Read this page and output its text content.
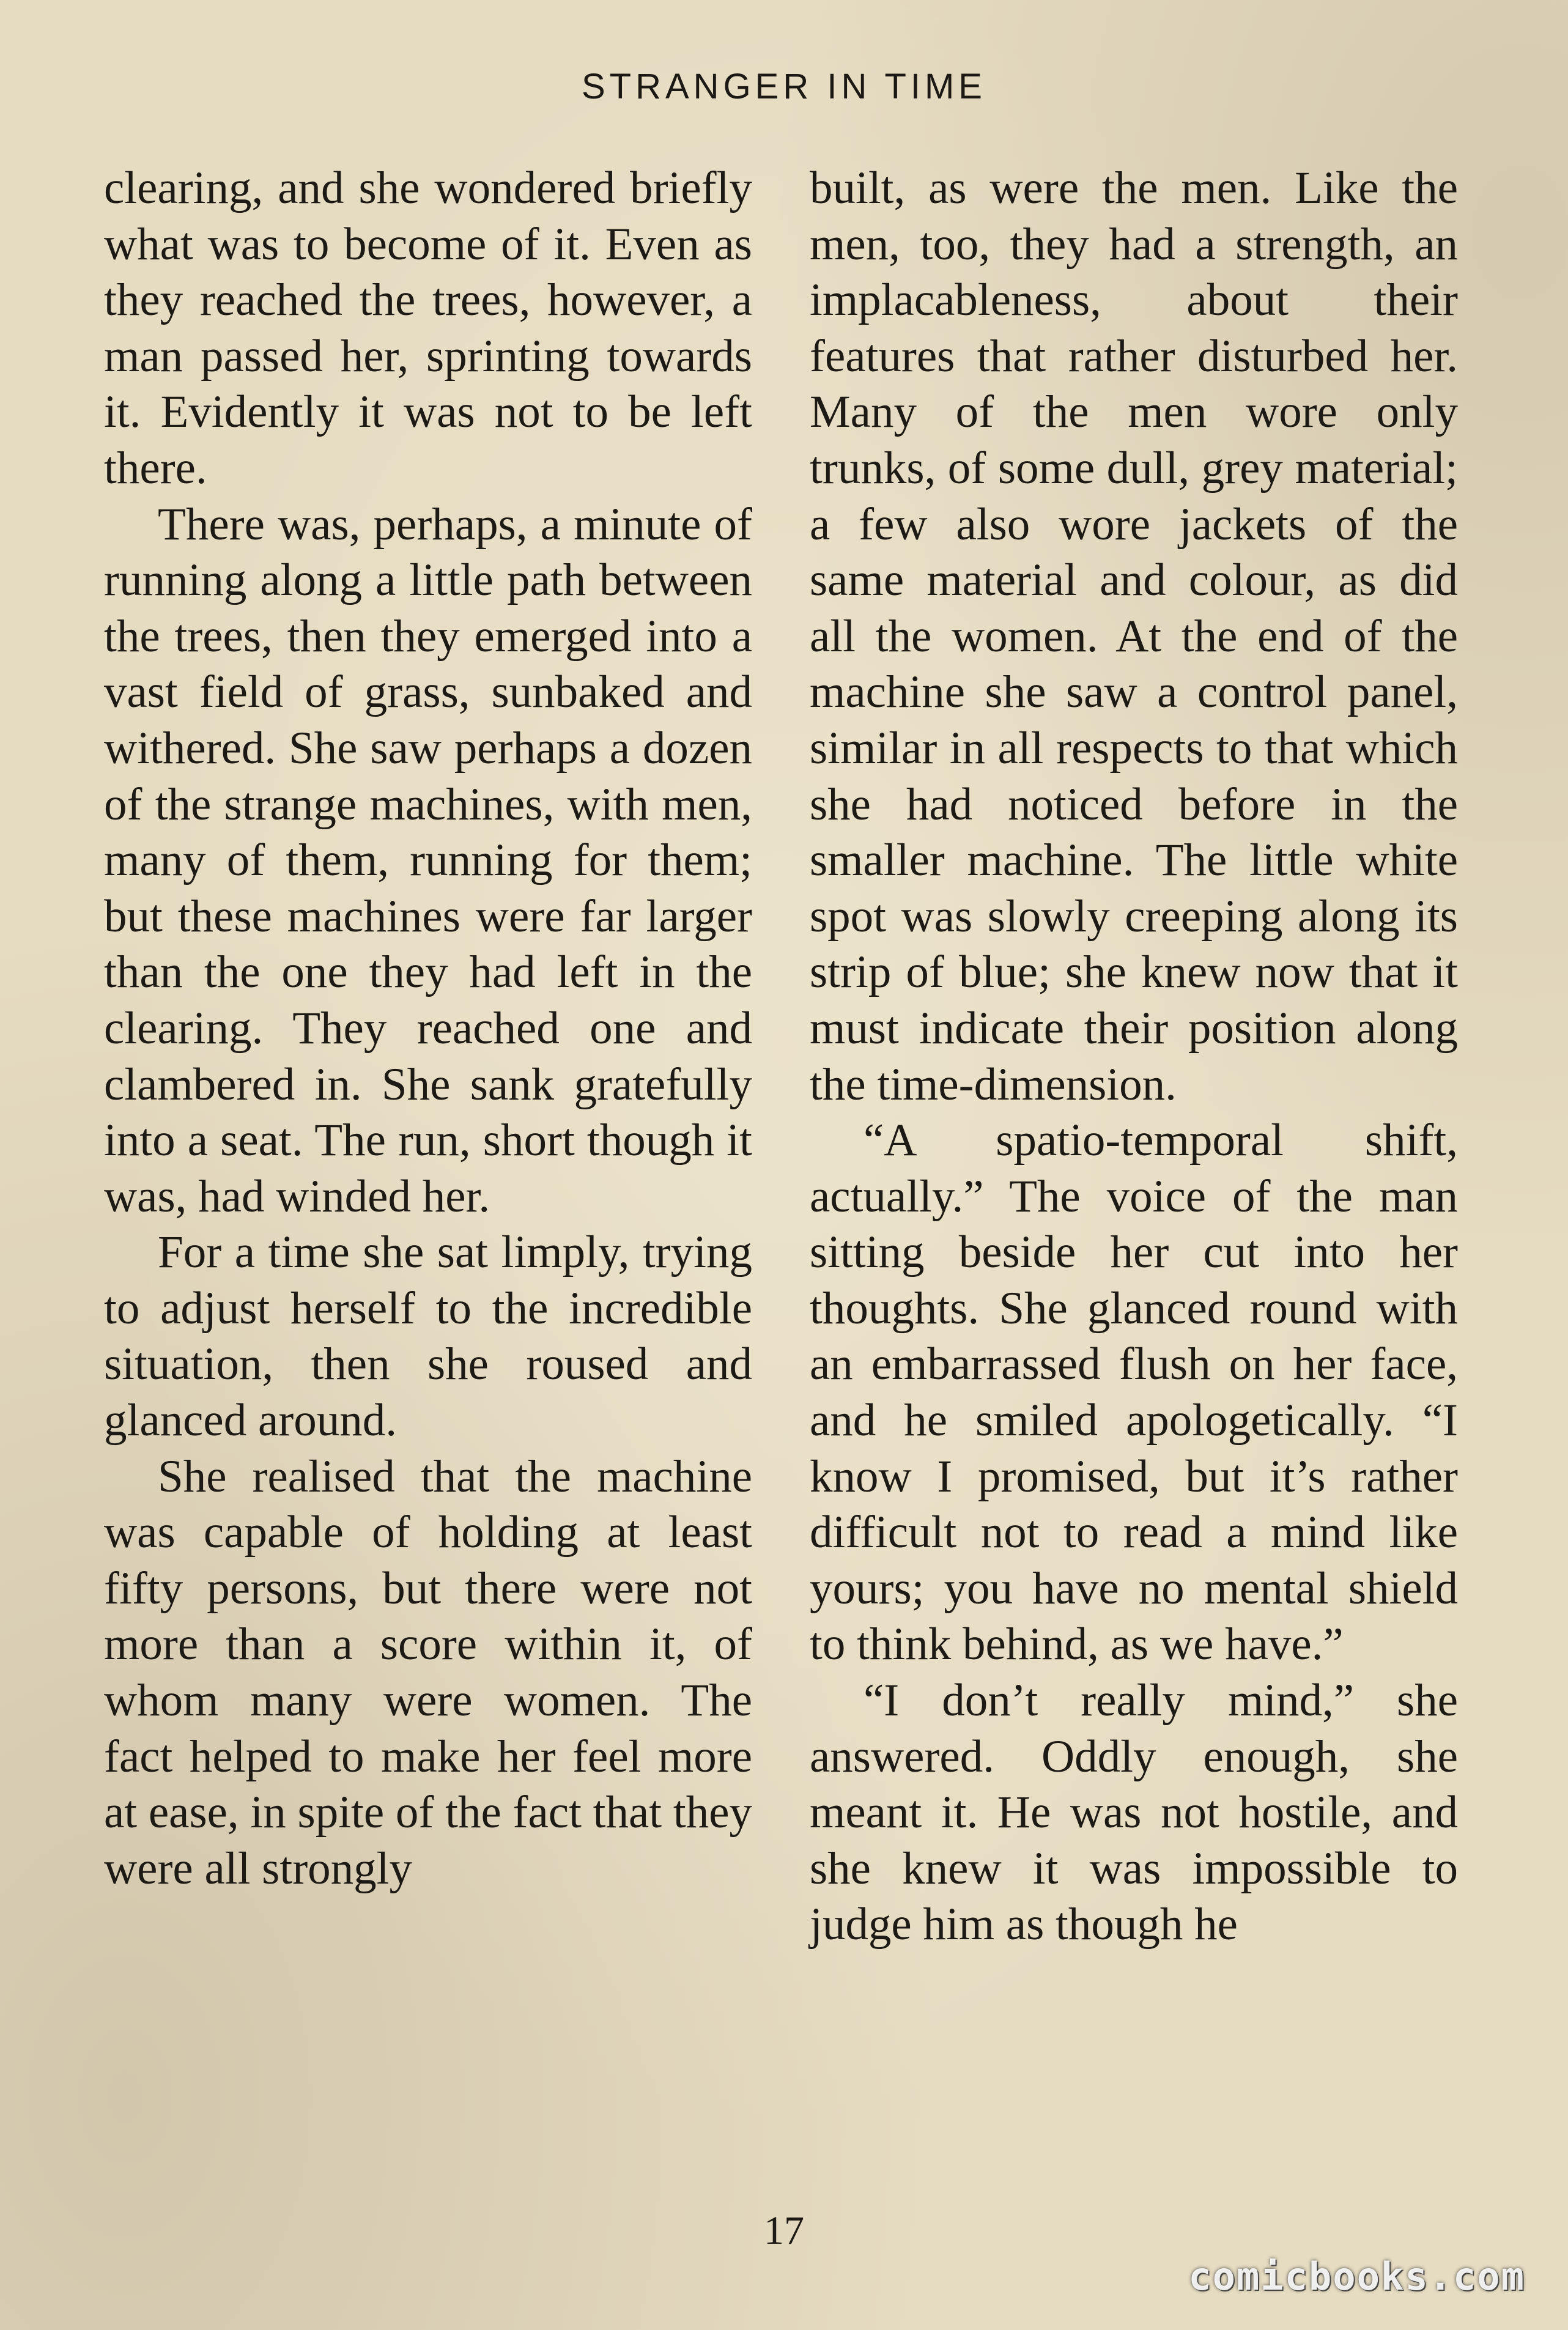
STRANGER IN TIME

clearing, and she wondered briefly what was to become of it. Even as they reached the trees, however, a man passed her, sprinting towards it. Evidently it was not to be left there.

There was, perhaps, a minute of running along a little path between the trees, then they emerged into a vast field of grass, sunbaked and withered. She saw perhaps a dozen of the strange machines, with men, many of them, running for them; but these machines were far larger than the one they had left in the clearing. They reached one and clambered in. She sank gratefully into a seat. The run, short though it was, had winded her.

For a time she sat limply, trying to adjust herself to the incredible situation, then she roused and glanced around.

She realised that the machine was capable of holding at least fifty persons, but there were not more than a score within it, of whom many were women. The fact helped to make her feel more at ease, in spite of the fact that they were all strongly

built, as were the men. Like the men, too, they had a strength, an implacableness, about their features that rather disturbed her. Many of the men wore only trunks, of some dull, grey material; a few also wore jackets of the same material and colour, as did all the women. At the end of the machine she saw a control panel, similar in all respects to that which she had noticed before in the smaller machine. The little white spot was slowly creeping along its strip of blue; she knew now that it must indicate their position along the time-dimension.

“A spatio-temporal shift, actually.” The voice of the man sitting beside her cut into her thoughts. She glanced round with an embarrassed flush on her face, and he smiled apologetically. “I know I promised, but it’s rather difficult not to read a mind like yours; you have no mental shield to think behind, as we have.”

“I don’t really mind,” she answered. Oddly enough, she meant it. He was not hostile, and she knew it was impossible to judge him as though he

17
comicbooks.com
